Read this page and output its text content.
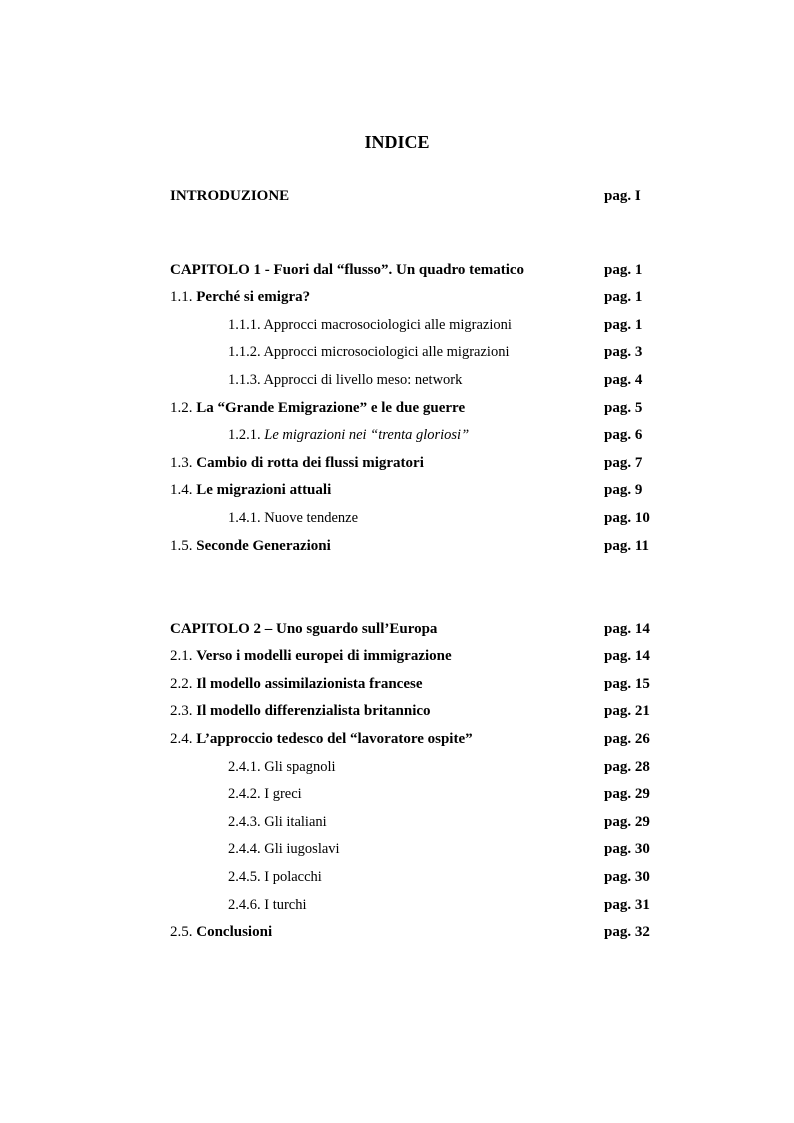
INDICE
INTRODUZIONE	pag. I
CAPITOLO 1 - Fuori dal “flusso”. Un quadro tematico	pag. 1
1.1. Perché si emigra?	pag. 1
1.1.1. Approcci macrosociologici alle migrazioni	pag. 1
1.1.2. Approcci microsociologici alle migrazioni	pag. 3
1.1.3. Approcci di livello meso: network	pag. 4
1.2. La “Grande Emigrazione” e le due guerre	pag. 5
1.2.1. Le migrazioni nei “trenta gloriosi”	pag. 6
1.3. Cambio di rotta dei flussi migratori	pag. 7
1.4. Le migrazioni attuali	pag. 9
1.4.1. Nuove tendenze	pag. 10
1.5. Seconde Generazioni	pag. 11
CAPITOLO 2 – Uno sguardo sull’Europa	pag. 14
2.1. Verso i modelli europei di immigrazione	pag. 14
2.2. Il modello assimilazionista francese	pag. 15
2.3. Il modello differenzialista britannico	pag. 21
2.4. L’approccio tedesco del “lavoratore ospite”	pag. 26
2.4.1. Gli spagnoli	pag. 28
2.4.2. I greci	pag. 29
2.4.3. Gli italiani	pag. 29
2.4.4. Gli iugoslavi	pag. 30
2.4.5. I polacchi	pag. 30
2.4.6. I turchi	pag. 31
2.5. Conclusioni	pag. 32
